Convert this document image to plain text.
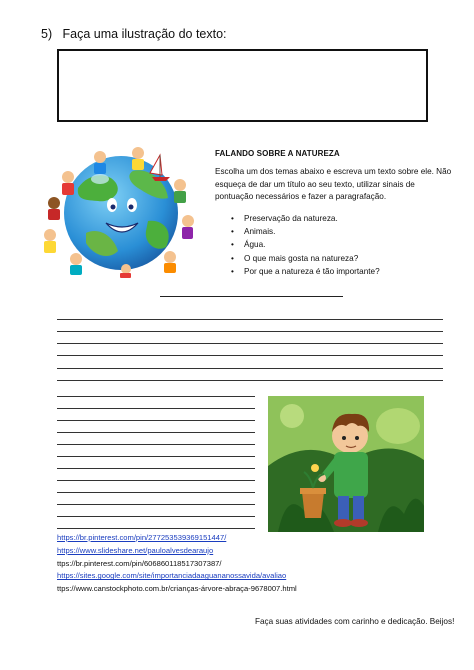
5) Faça uma ilustração do texto:
FALANDO SOBRE A NATUREZA
Escolha um dos temas abaixo e escreva um texto sobre ele. Não esqueça de dar um título ao seu texto, utilizar sinais de pontuação necessários e fazer a paragrafação.
• Preservação da natureza.
• Animais.
• Água.
• O que mais gosta na natureza?
• Por que a natureza é tão importante?
https://br.pinterest.com/pin/277253539369151447/
https://www.slideshare.net/pauloalvesdearaujo
ttps://br.pinterest.com/pin/606860118517307387/
https://sites.google.com/site/importanciadaaguananossavida/avaliao
ttps://www.canstockphoto.com.br/crianças-árvore-abraça-9678007.html
Faça suas atividades com carinho e dedicação. Beijos!
